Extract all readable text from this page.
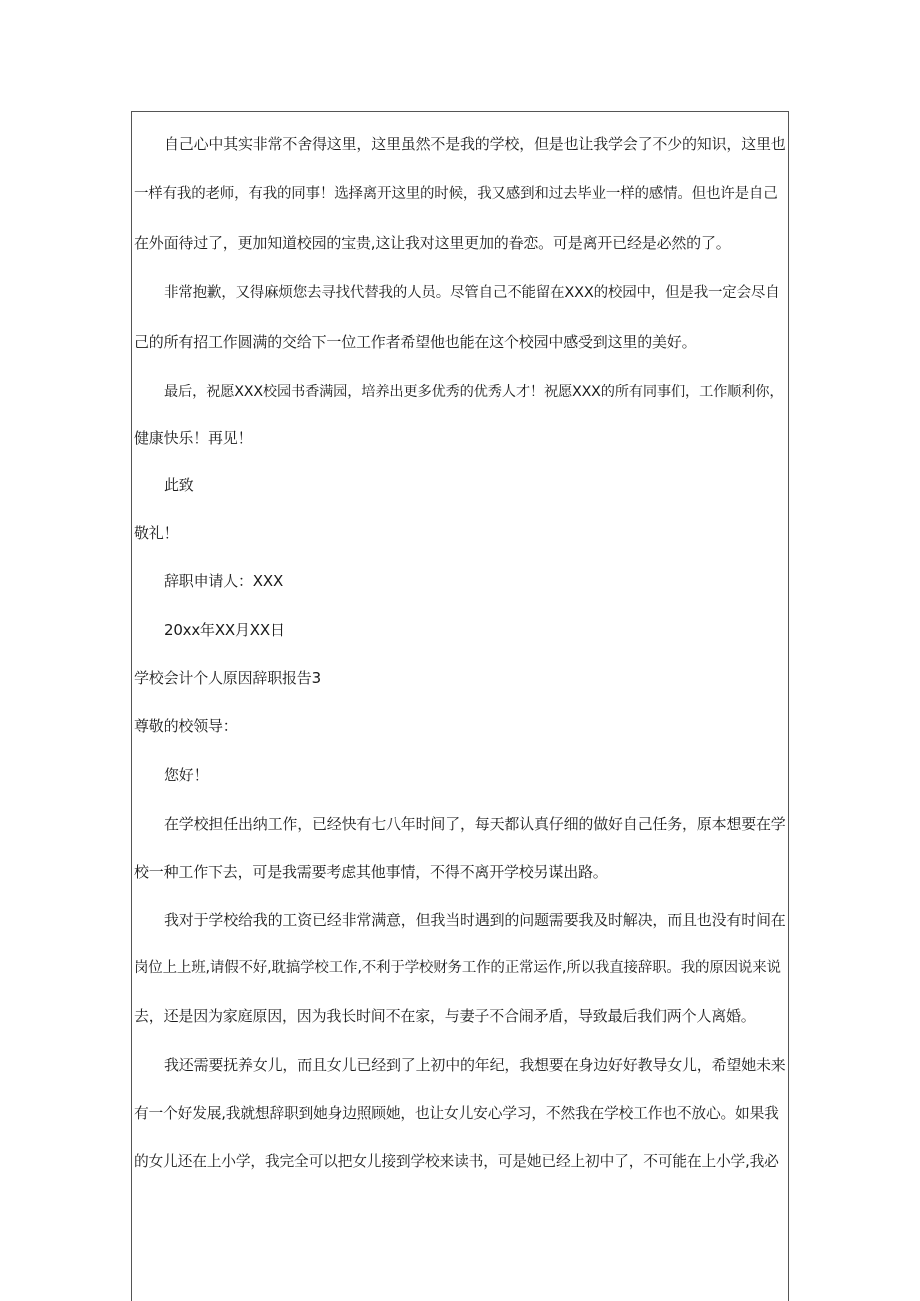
自己心中其实非常不舍得这里，这里虽然不是我的学校，但是也让我学会了不少的知识，这里也
一样有我的老师，有我的同事！选择离开这里的时候，我又感到和过去毕业一样的感情。但也许是自己
在外面待过了，更加知道校园的宝贵,这让我对这里更加的眷恋。可是离开已经是必然的了。
非常抱歉，又得麻烦您去寻找代替我的人员。尽管自己不能留在XXX的校园中，但是我一定会尽自
己的所有招工作圆满的交给下一位工作者希望他也能在这个校园中感受到这里的美好。
最后，祝愿XXX校园书香满园，培养出更多优秀的优秀人才！祝愿XXX的所有同事们，工作顺利你，
健康快乐！再见！
此致
敬礼！
辞职申请人：XXX
20xx年XX月XX日
学校会计个人原因辞职报告3
尊敬的校领导：
您好！
在学校担任出纳工作，已经快有七八年时间了，每天都认真仔细的做好自己任务，原本想要在学
校一种工作下去，可是我需要考虑其他事情，不得不离开学校另谋出路。
我对于学校给我的工资已经非常满意，但我当时遇到的问题需要我及时解决，而且也没有时间在
岗位上上班,请假不好,耽搞学校工作,不利于学校财务工作的正常运作,所以我直接辞职。我的原因说来说
去，还是因为家庭原因，因为我长时间不在家，与妻子不合闹矛盾，导致最后我们两个人离婚。
我还需要抚养女儿，而且女儿已经到了上初中的年纪，我想要在身边好好教导女儿，希望她未来
有一个好发展,我就想辞职到她身边照顾她，也让女儿安心学习，不然我在学校工作也不放心。如果我
的女儿还在上小学，我完全可以把女儿接到学校来读书，可是她已经上初中了，不可能在上小学,我必
